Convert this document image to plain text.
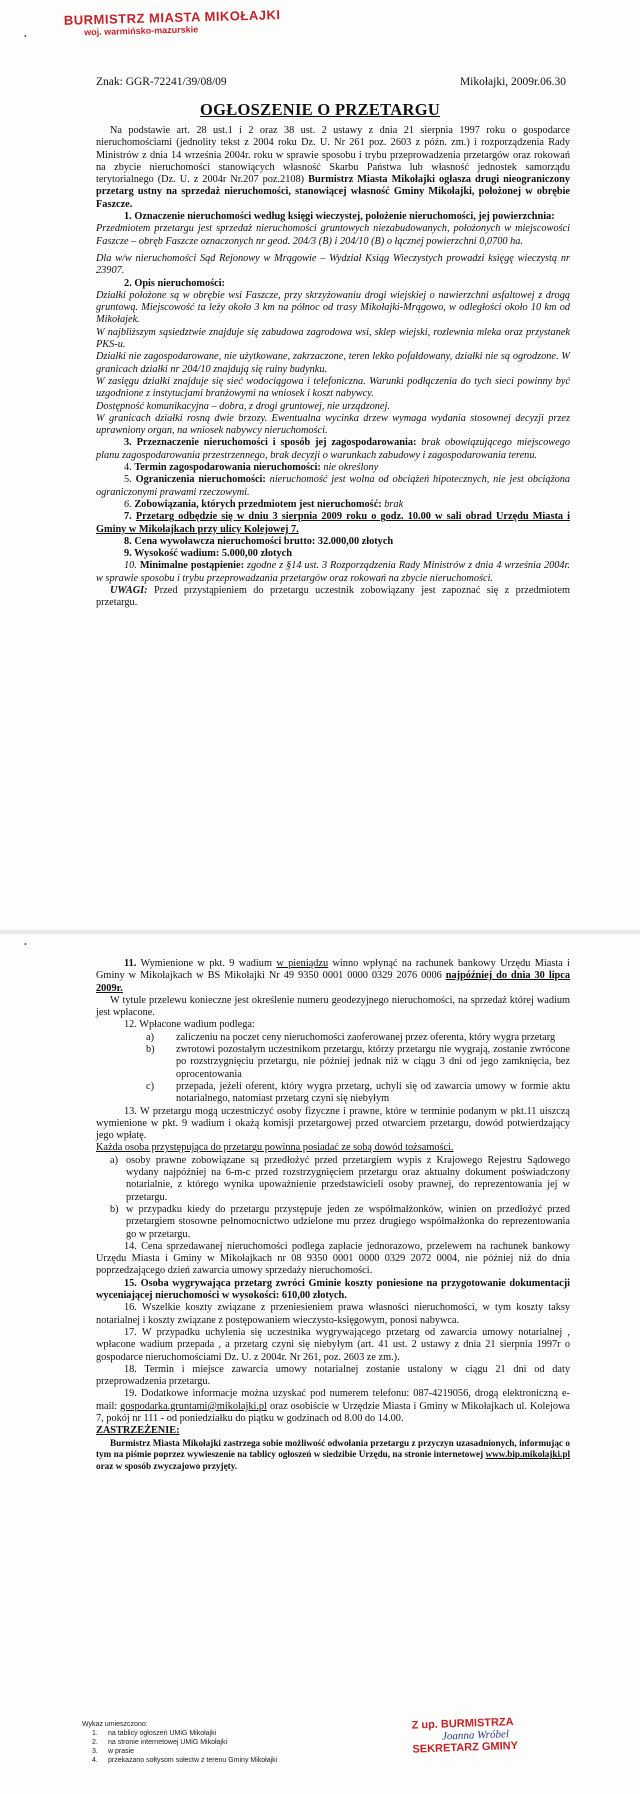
BURMISTRZ MIASTA MIKOŁAJKI
woj. warmińsko-mazurskie
•
Znak: GGR-72241/39/08/09	Mikołajki, 2009r.06.30
OGŁOSZENIE O PRZETARGU

Na podstawie art. 28 ust.1 i 2 oraz 38 ust. 2 ustawy z dnia 21 sierpnia 1997 roku o gospodarce nieruchomościami (jednolity tekst z 2004 roku Dz. U. Nr 261 poz. 2603 z późn. zm.) i rozporządzenia Rady Ministrów z dnia 14 września 2004r. roku w sprawie sposobu i trybu przeprowadzenia przetargów oraz rokowań na zbycie nieruchomości stanowiących własność Skarbu Państwa lub własność jednostek samorządu terytorialnego (Dz. U. z 2004r Nr.207 poz.2108) Burmistrz Miasta Mikołajki ogłasza drugi nieograniczony przetarg ustny na sprzedaż nieruchomości, stanowiącej własność Gminy Mikołajki, położonej w obrębie Faszcze.

1. Oznaczenie nieruchomości według księgi wieczystej, położenie nieruchomości, jej powierzchnia:

Przedmiotem przetargu jest sprzedaż nieruchomości gruntowych niezabudowanych, położonych w miejscowości Faszcze – obręb Faszcze oznaczonych nr geod. 204/3 (B) i 204/10 (B) o łącznej powierzchni 0,0700 ha.

Dla w/w nieruchomości Sąd Rejonowy w Mrągowie – Wydział Ksiąg Wieczystych prowadzi księgę wieczystą nr 23907.

2. Opis nieruchomości:

Działki położone są w obrębie wsi Faszcze, przy skrzyżowaniu drogi wiejskiej o nawierzchni asfaltowej z drogą gruntową. Miejscowość ta leży około 3 km na północ od trasy Mikołajki-Mrągowo, w odległości około 10 km od Mikołajek.

W najbliższym sąsiedztwie znajduje się zabudowa zagrodowa wsi, sklep wiejski, rozlewnia mleka oraz przystanek PKS-u.

Działki nie zagospodarowane, nie użytkowane, zakrzaczone, teren lekko pofałdowany, działki nie są ogrodzone. W granicach działki nr 204/10 znajdują się ruiny budynku.

W zasięgu działki znajduje się sieć wodociągowa i telefoniczna. Warunki podłączenia do tych sieci powinny być uzgodnione z instytucjami branżowymi na wniosek i koszt nabywcy.

Dostępność komunikacyjna – dobra, z drogi gruntowej, nie urządzonej.

W granicach działki rosną dwie brzozy. Ewentualna wycinka drzew wymaga wydania stosownej decyzji przez uprawniony organ, na wniosek nabywcy nieruchomości.

3. Przeznaczenie nieruchomości i sposób jej zagospodarowania: brak obowiązującego miejscowego planu zagospodarowania przestrzennego, brak decyzji o warunkach zabudowy i zagospodarowania terenu.

4. Termin zagospodarowania nieruchomości: nie określony

5. Ograniczenia nieruchomości: nieruchomość jest wolna od obciążeń hipotecznych, nie jest obciążona ograniczonymi prawami rzeczowymi.

6. Zobowiązania, których przedmiotem jest nieruchomość: brak

7. Przetarg odbędzie się w dniu 3 sierpnia 2009 roku o godz. 10.00 w sali obrad Urzędu Miasta i Gminy w Mikołajkach przy ulicy Kolejowej 7.

8. Cena wywoławcza nieruchomości brutto: 32.000,00 złotych

9. Wysokość wadium: 5.000,00 złotych

10. Minimalne postąpienie: zgodne z §14 ust. 3 Rozporządzenia Rady Ministrów z dnia 4 września 2004r. w sprawie sposobu i trybu przeprowadzania przetargów oraz rokowań na zbycie nieruchomości.

UWAGI: Przed przystąpieniem do przetargu uczestnik zobowiązany jest zapoznać się z przedmiotem przetargu.

•

11. Wymienione w pkt. 9 wadium w pieniądzu winno wpłynąć na rachunek bankowy Urzędu Miasta i Gminy w Mikołajkach w BS Mikołajki Nr 49 9350 0001 0000 0329 2076 0006 najpóźniej do dnia 30 lipca 2009r.

W tytule przelewu konieczne jest określenie numeru geodezyjnego nieruchomości, na sprzedaż której wadium jest wpłacone.

12. Wpłacone wadium podlega:

a)	zaliczeniu na poczet ceny nieruchomości zaoferowanej przez oferenta, który wygra przetarg
b)	zwrotowi pozostałym uczestnikom przetargu, którzy przetargu nie wygrają, zostanie zwrócone po rozstrzygnięciu przetargu, nie później jednak niż w ciągu 3 dni od jego zamknięcia, bez oprocentowania
c)	przepada, jeżeli oferent, który wygra przetarg, uchyli się od zawarcia umowy w formie aktu notarialnego, natomiast przetarg czyni się niebyłym

13. W przetargu mogą uczestniczyć osoby fizyczne i prawne, które w terminie podanym w pkt.11 uiszczą wymienione w pkt. 9 wadium i okażą komisji przetargowej przed otwarciem przetargu, dowód potwierdzający jego wpłatę.

Każda osoba przystępująca do przetargu powinna posiadać ze sobą dowód tożsamości.

a) osoby prawne zobowiązane są przedłożyć przed przetargiem wypis z Krajowego Rejestru Sądowego wydany najpóźniej na 6-m-c przed rozstrzygnięciem przetargu oraz aktualny dokument poświadczony notarialnie, z którego wynika upoważnienie przedstawicieli osoby prawnej, do reprezentowania jej w przetargu.
b) w przypadku kiedy do przetargu przystępuje jeden ze współmałżonków, winien on przedłożyć przed przetargiem stosowne pełnomocnictwo udzielone mu przez drugiego współmałżonka do reprezentowania go w przetargu.

14. Cena sprzedawanej nieruchomości podlega zapłacie jednorazowo, przelewem na rachunek bankowy Urzędu Miasta i Gminy w Mikołajkach nr 08 9350 0001 0000 0329 2072 0004, nie później niż do dnia poprzedzającego dzień zawarcia umowy sprzedaży nieruchomości.

15. Osoba wygrywająca przetarg zwróci Gminie koszty poniesione na przygotowanie dokumentacji wyceniającej nieruchomości w wysokości: 610,00 złotych.

16. Wszelkie koszty związane z przeniesieniem prawa własności nieruchomości, w tym koszty taksy notarialnej i koszty związane z postępowaniem wieczysto-księgowym, ponosi nabywca.

17. W przypadku uchylenia się uczestnika wygrywającego przetarg od zawarcia umowy notarialnej , wpłacone wadium przepada , a przetarg czyni się niebyłym (art. 41 ust. 2 ustawy z dnia 21 sierpnia 1997r o gospodarce nieruchomościami Dz. U. z 2004r. Nr 261, poz. 2603 ze zm.).

18. Termin i miejsce zawarcia umowy notarialnej zostanie ustalony w ciągu 21 dni od daty przeprowadzenia przetargu.

19. Dodatkowe informacje można uzyskać pod numerem telefonu: 087-4219056, drogą elektroniczną e-mail: gospodarka.gruntami@mikolajki.pl oraz osobiście w Urzędzie Miasta i Gminy w Mikołajkach ul. Kolejowa 7, pokój nr 111 - od poniedziałku do piątku w godzinach od 8.00 do 14.00.

ZASTRZEŻENIE:

Burmistrz Miasta Mikołajki zastrzega sobie możliwość odwołania przetargu z przyczyn uzasadnionych, informując o tym na piśmie poprzez wywieszenie na tablicy ogłoszeń w siedzibie Urzędu, na stronie internetowej www.bip.mikolajki.pl oraz w sposób zwyczajowo przyjęty.

Wykaz umieszczono:
1.	na tablicy ogłoszeń UMiG Mikołajki
2.	na stronie internetowej UMiG Mikołajki
3.	w prasie
4.	przekazano sołtysom sołectw z terenu Gminy Mikołajki
Z up. BURMISTRZA
Joanna Wróbel
SEKRETARZ GMINY
